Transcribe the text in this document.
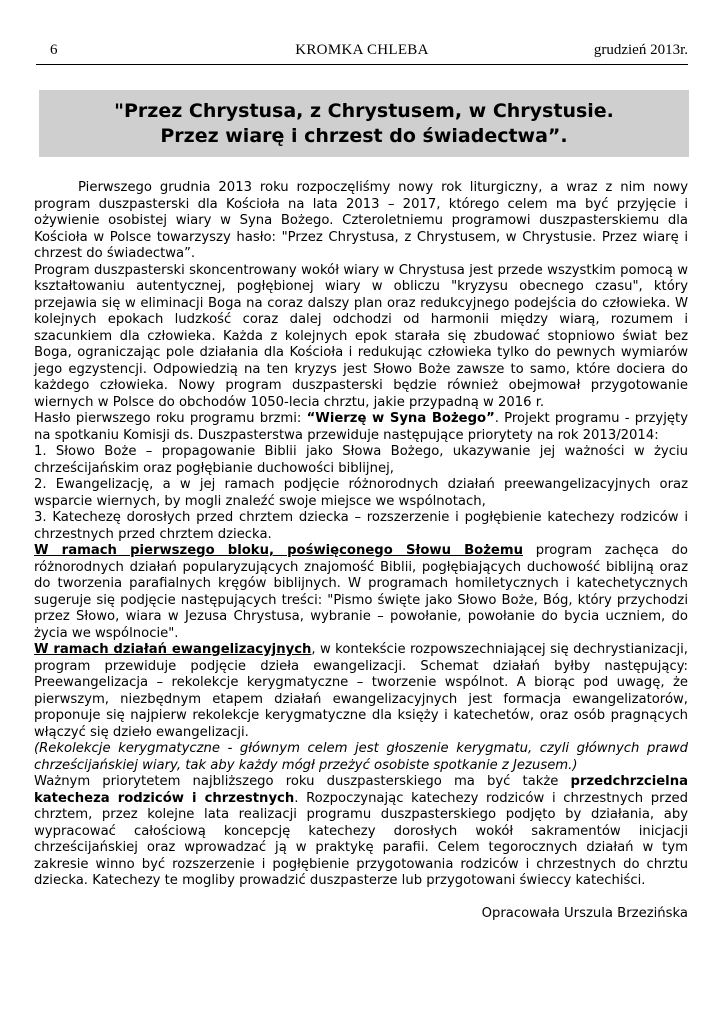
6	KROMKA CHLEBA	grudzień 2013r.
"Przez Chrystusa, z Chrystusem, w Chrystusie.
Przez wiarę i chrzest do świadectwa”.

Pierwszego grudnia 2013 roku rozpoczęliśmy nowy rok liturgiczny, a wraz z nim nowy program duszpasterski dla Kościoła na lata 2013 – 2017, którego celem ma być przyjęcie i ożywienie osobistej wiary w Syna Bożego. Czteroletniemu programowi duszpasterskiemu dla Kościoła w Polsce towarzyszy hasło: "Przez Chrystusa, z Chrystusem, w Chrystusie. Przez wiarę i chrzest do świadectwa”.

Program duszpasterski skoncentrowany wokół wiary w Chrystusa jest przede wszystkim pomocą w kształtowaniu autentycznej, pogłębionej wiary w obliczu "kryzysu obecnego czasu", który przejawia się w eliminacji Boga na coraz dalszy plan oraz redukcyjnego podejścia do człowieka. W kolejnych epokach ludzkość coraz dalej odchodzi od harmonii między wiarą, rozumem i szacunkiem dla człowieka. Każda z kolejnych epok starała się zbudować stopniowo świat bez Boga, ograniczając pole działania dla Kościoła i redukując człowieka tylko do pewnych wymiarów jego egzystencji. Odpowiedzią na ten kryzys jest Słowo Boże zawsze to samo, które dociera do każdego człowieka. Nowy program duszpasterski będzie również obejmował przygotowanie wiernych w Polsce do obchodów 1050-lecia chrztu, jakie przypadną w 2016 r.

Hasło pierwszego roku programu brzmi: “Wierzę w Syna Bożego”. Projekt programu - przyjęty na spotkaniu Komisji ds. Duszpasterstwa przewiduje następujące priorytety na rok 2013/2014:

1. Słowo Boże – propagowanie Biblii jako Słowa Bożego, ukazywanie jej ważności w życiu chrześcijańskim oraz pogłębianie duchowości biblijnej,

2. Ewangelizację, a w jej ramach podjęcie różnorodnych działań preewangelizacyjnych oraz wsparcie wiernych, by mogli znaleźć swoje miejsce we wspólnotach,

3. Katechezę dorosłych przed chrztem dziecka – rozszerzenie i pogłębienie katechezy rodziców i chrzestnych przed chrztem dziecka.

W ramach pierwszego bloku, poświęconego Słowu Bożemu program zachęca do różnorodnych działań popularyzujących znajomość Biblii, pogłębiających duchowość biblijną oraz do tworzenia parafialnych kręgów biblijnych. W programach homiletycznych i katechetycznych sugeruje się podjęcie następujących treści: "Pismo święte jako Słowo Boże, Bóg, który przychodzi przez Słowo, wiara w Jezusa Chrystusa, wybranie – powołanie, powołanie do bycia uczniem, do życia we wspólnocie".

W ramach działań ewangelizacyjnych, w kontekście rozpowszechniającej się dechrystianizacji, program przewiduje podjęcie dzieła ewangelizacji. Schemat działań byłby następujący: Preewangelizacja – rekolekcje kerygmatyczne – tworzenie wspólnot. A biorąc pod uwagę, że pierwszym, niezbędnym etapem działań ewangelizacyjnych jest formacja ewangelizatorów, proponuje się najpierw rekolekcje kerygmatyczne dla księży i katechetów, oraz osób pragnących włączyć się dzieło ewangelizacji.

(Rekolekcje kerygmatyczne - głównym celem jest głoszenie kerygmatu, czyli głównych prawd chrześcijańskiej wiary, tak aby każdy mógł przeżyć osobiste spotkanie z Jezusem.)

Ważnym priorytetem najbliższego roku duszpasterskiego ma być także przedchrzcielna katecheza rodziców i chrzestnych. Rozpoczynając katechezy rodziców i chrzestnych przed chrztem, przez kolejne lata realizacji programu duszpasterskiego podjęto by działania, aby wypracować całościową koncepcję katechezy dorosłych wokół sakramentów inicjacji chrześcijańskiej oraz wprowadzać ją w praktykę parafii. Celem tegorocznych działań w tym zakresie winno być rozszerzenie i pogłębienie przygotowania rodziców i chrzestnych do chrztu dziecka. Katechezy te mogliby prowadzić duszpasterze lub przygotowani świeccy katechiści.

Opracowała Urszula Brzezińska
